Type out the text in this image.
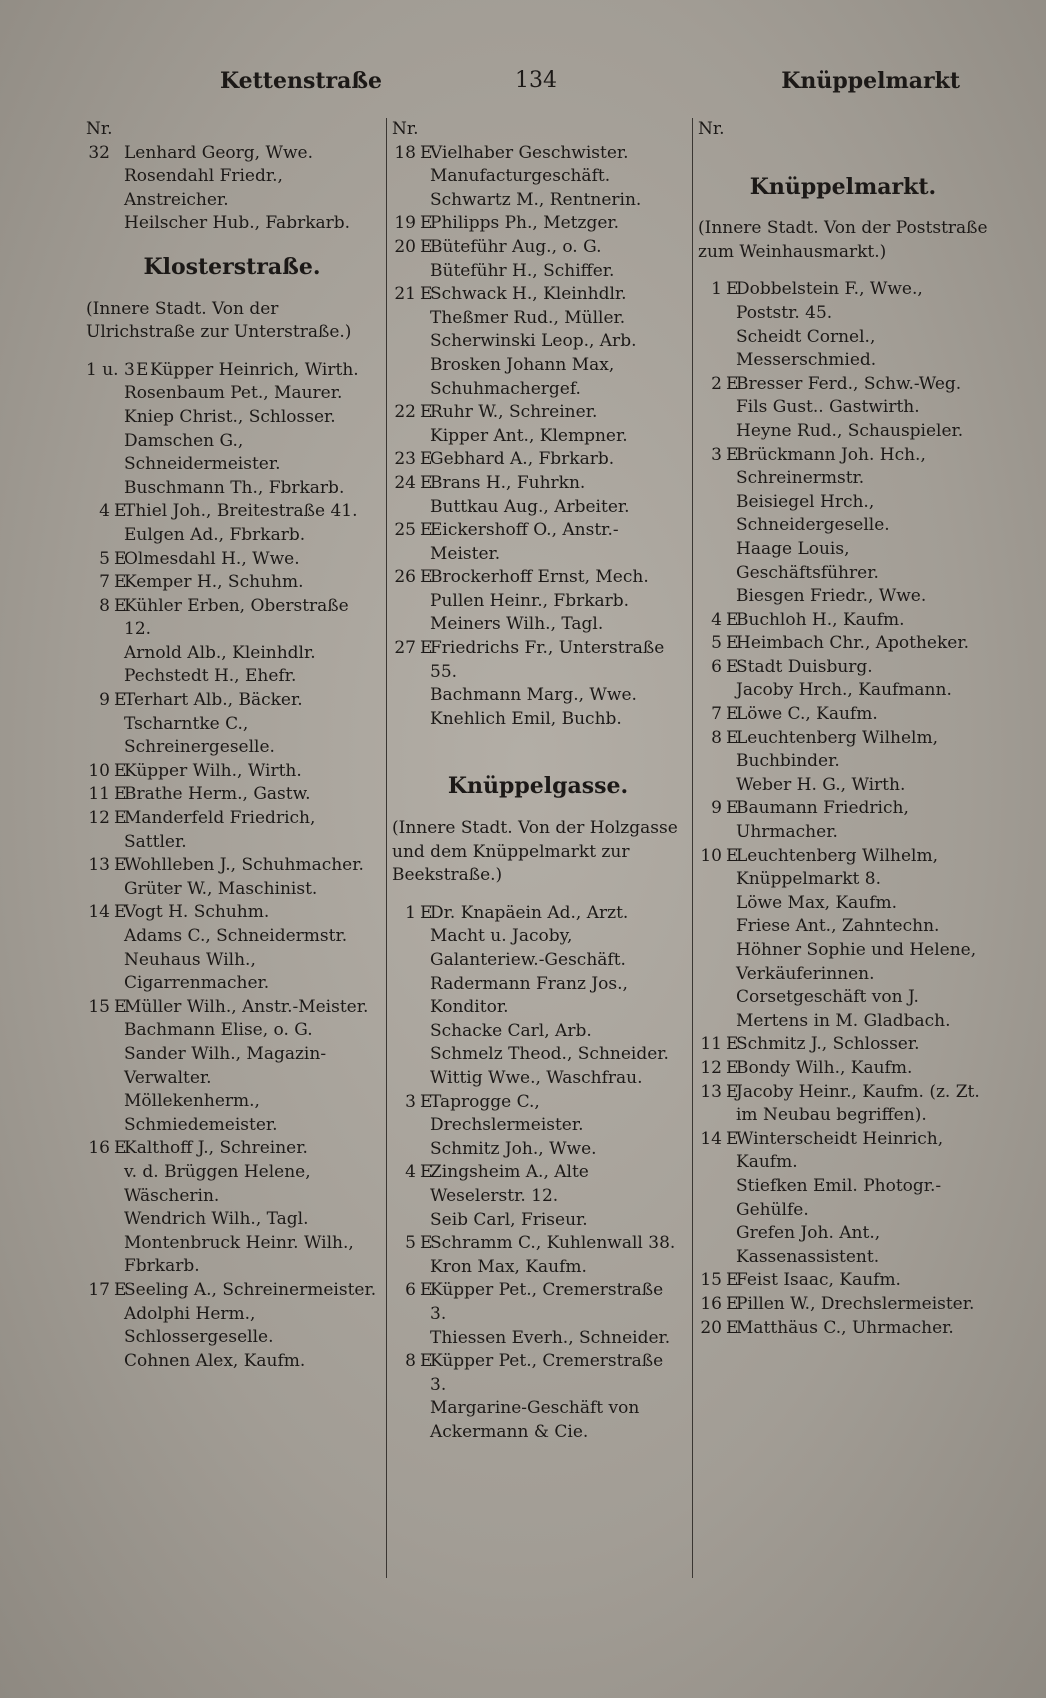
Kettenstraße	134	Knüppelmarkt
Nr.
32 Lenhard Georg, Wwe.
Rosendahl Friedr., Anstreicher.
Heilscher Hub., Fabrkarb.
Klosterstraße.
(Innere Stadt. Von der Ulrichstraße zur Unterstraße.)
1 u. 3 E Küpper Heinrich, Wirth.
Rosenbaum Pet., Maurer.
Kniep Christ., Schlosser.
Damschen G., Schneidermeister.
Buschmann Th., Fbrkarb.
4 E
Thiel Joh., Breitestraße 41.
Eulgen Ad., Fbrkarb.
5 E
Olmesdahl H., Wwe.
7 E
Kemper H., Schuhm.
8 E
Kühler Erben, Oberstraße 12.
Arnold Alb., Kleinhdlr.
Pechstedt H., Ehefr.
9 E
Terhart Alb., Bäcker.
Tscharntke C., Schreinergeselle.
10 E
Küpper Wilh., Wirth.
11 E
Brathe Herm., Gastw.
12 E
Manderfeld Friedrich, Sattler.
13 E
Wohlleben J., Schuhmacher.
Grüter W., Maschinist.
14 E
Vogt H. Schuhm.
Adams C., Schneidermstr.
Neuhaus Wilh., Cigarrenmacher.
15 E
Müller Wilh., Anstr.-Meister.
Bachmann Elise, o. G.
Sander Wilh., Magazin-Verwalter.
Möllekenherm., Schmiedemeister.
16 E
Kalthoff J., Schreiner.
v. d. Brüggen Helene, Wäscherin.
Wendrich Wilh., Tagl.
Montenbruck Heinr. Wilh., Fbrkarb.
17 E
Seeling A., Schreinermeister.
Adolphi Herm., Schlossergeselle.
Cohnen Alex, Kaufm.
Nr.
18 E
Vielhaber Geschwister. Manufacturgeschäft.
Schwartz M., Rentnerin.
19 E
Philipps Ph., Metzger.
20 E
Büteführ Aug., o. G.
Büteführ H., Schiffer.
21 E
Schwack H., Kleinhdlr.
Theßmer Rud., Müller.
Scherwinski Leop., Arb.
Brosken Johann Max, Schuhmachergef.
22 E
Ruhr W., Schreiner.
Kipper Ant., Klempner.
23 E
Gebhard A., Fbrkarb.
24 E
Brans H., Fuhrkn.
Buttkau Aug., Arbeiter.
25 E
Eickershoff O., Anstr.-Meister.
26 E
Brockerhoff Ernst, Mech.
Pullen Heinr., Fbrkarb.
Meiners Wilh., Tagl.
27 E
Friedrichs Fr., Unterstraße 55.
Bachmann Marg., Wwe.
Knehlich Emil, Buchb.
Knüppelgasse.
(Innere Stadt. Von der Holzgasse und dem Knüppelmarkt zur Beekstraße.)
1 E
Dr. Knapäein Ad., Arzt.
Macht u. Jacoby, Galanteriew.-Geschäft.
Radermann Franz Jos., Konditor.
Schacke Carl, Arb.
Schmelz Theod., Schneider.
Wittig Wwe., Waschfrau.
3 E
Taprogge C., Drechslermeister.
Schmitz Joh., Wwe.
4 E
Zingsheim A., Alte Weselerstr. 12.
Seib Carl, Friseur.
5 E
Schramm C., Kuhlenwall 38.
Kron Max, Kaufm.
6 E
Küpper Pet., Cremerstraße 3.
Thiessen Everh., Schneider.
8 E
Küpper Pet., Cremerstraße 3.
Margarine-Geschäft von Ackermann & Cie.
Nr.
Knüppelmarkt.
(Innere Stadt. Von der Poststraße zum Weinhausmarkt.)
1 E
Dobbelstein F., Wwe., Poststr. 45.
Scheidt Cornel., Messerschmied.
2 E
Bresser Ferd., Schw.-Weg.
Fils Gust.. Gastwirth.
Heyne Rud., Schauspieler.
3 E
Brückmann Joh. Hch., Schreinermstr.
Beisiegel Hrch., Schneidergeselle.
Haage Louis, Geschäftsführer.
Biesgen Friedr., Wwe.
4 E
Buchloh H., Kaufm.
5 E
Heimbach Chr., Apotheker.
6 E
Stadt Duisburg.
Jacoby Hrch., Kaufmann.
7 E
Löwe C., Kaufm.
8 E
Leuchtenberg Wilhelm, Buchbinder.
Weber H. G., Wirth.
9 E
Baumann Friedrich, Uhrmacher.
10 E
Leuchtenberg Wilhelm, Knüppelmarkt 8.
Löwe Max, Kaufm.
Friese Ant., Zahntechn.
Höhner Sophie und Helene, Verkäuferinnen.
Corsetgeschäft von J. Mertens in M. Gladbach.
11 E
Schmitz J., Schlosser.
12 E
Bondy Wilh., Kaufm.
13 E
Jacoby Heinr., Kaufm. (z. Zt. im Neubau begriffen).
14 E
Winterscheidt Heinrich, Kaufm.
Stiefken Emil. Photogr.-Gehülfe.
Grefen Joh. Ant., Kassenassistent.
15 E
Feist Isaac, Kaufm.
16 E
Pillen W., Drechslermeister.
20 E
Matthäus C., Uhrmacher.
